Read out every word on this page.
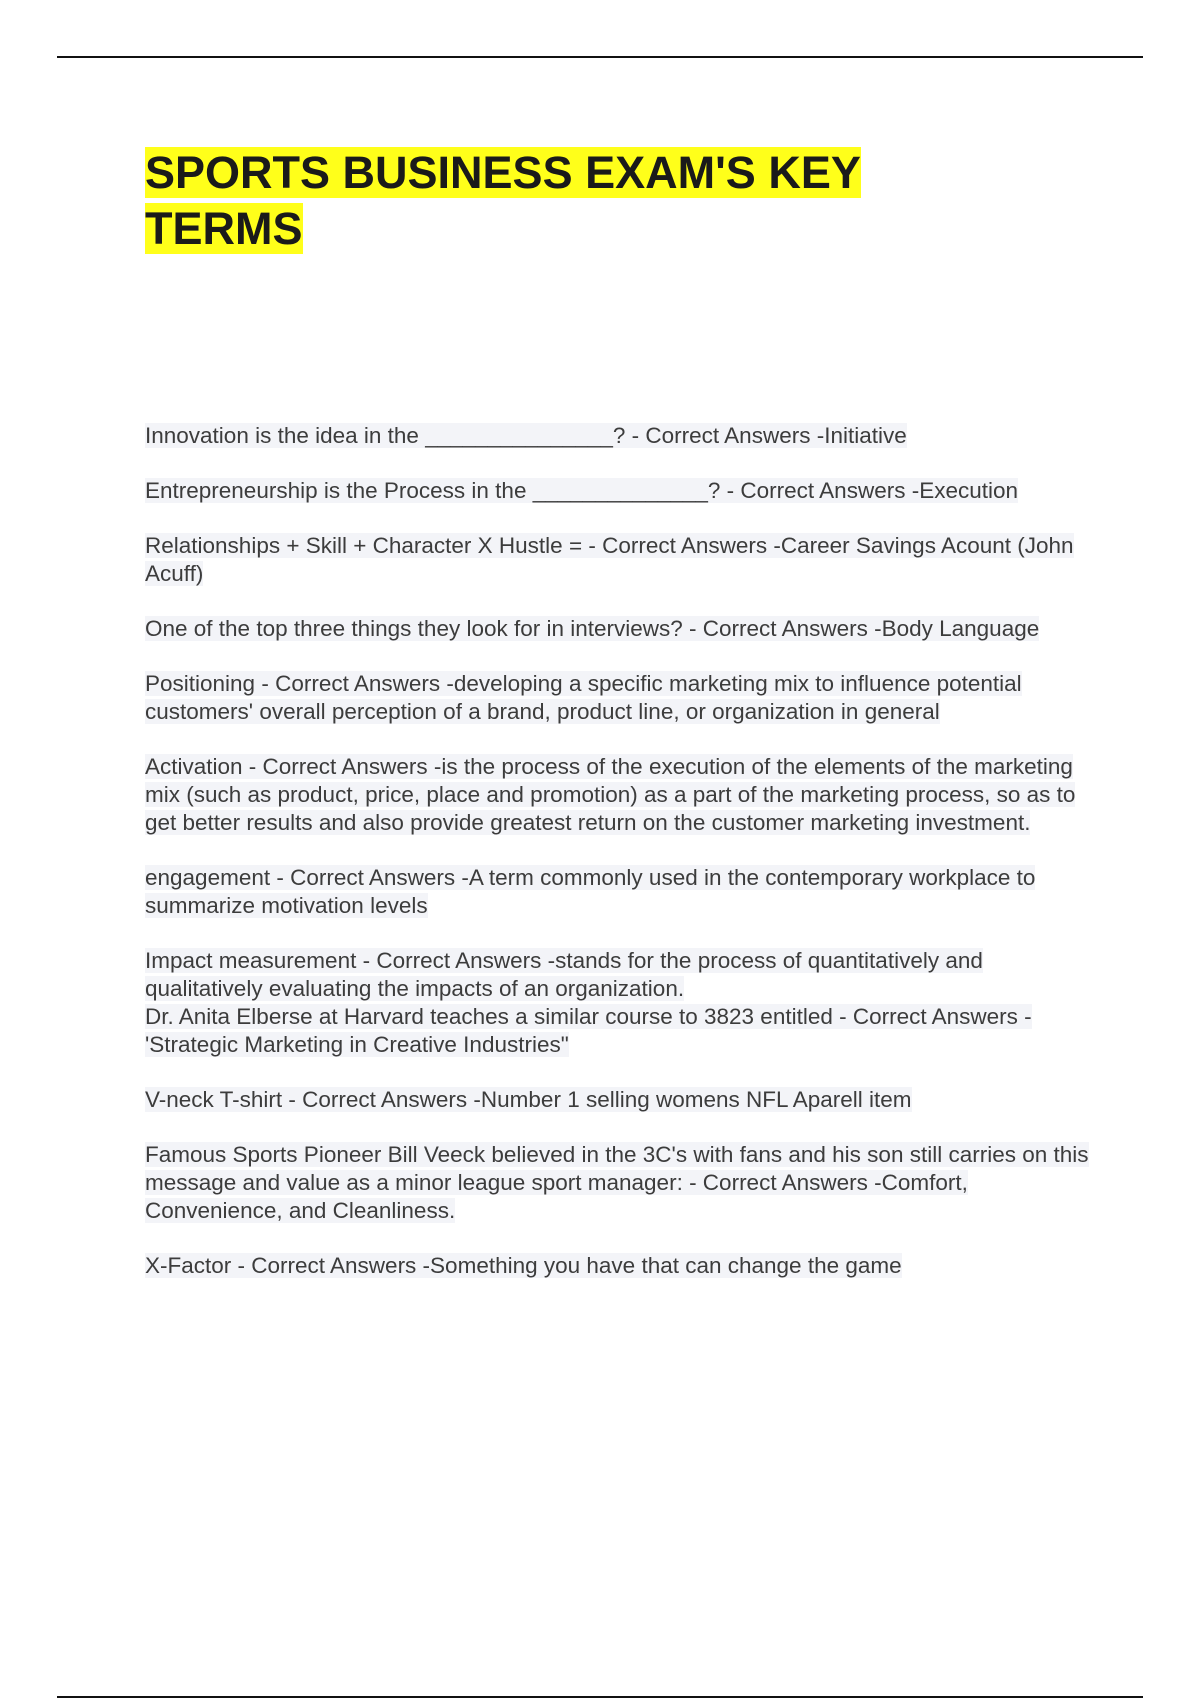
SPORTS BUSINESS EXAM'S KEY TERMS

Innovation is the idea in the _______________? - Correct Answers -Initiative

Entrepreneurship is the Process in the ______________? - Correct Answers -Execution

Relationships + Skill + Character X Hustle = - Correct Answers -Career Savings Acount (John Acuff)

One of the top three things they look for in interviews? - Correct Answers -Body Language

Positioning - Correct Answers -developing a specific marketing mix to influence potential customers' overall perception of a brand, product line, or organization in general

Activation - Correct Answers -is the process of the execution of the elements of the marketing mix (such as product, price, place and promotion) as a part of the marketing process, so as to get better results and also provide greatest return on the customer marketing investment.

engagement - Correct Answers -A term commonly used in the contemporary workplace to summarize motivation levels

Impact measurement - Correct Answers -stands for the process of quantitatively and qualitatively evaluating the impacts of an organization.

Dr. Anita Elberse at Harvard teaches a similar course to 3823 entitled - Correct Answers -'Strategic Marketing in Creative Industries"

V-neck T-shirt - Correct Answers -Number 1 selling womens NFL Aparell item

Famous Sports Pioneer Bill Veeck believed in the 3C's with fans and his son still carries on this message and value as a minor league sport manager: - Correct Answers -Comfort, Convenience, and Cleanliness.

X-Factor - Correct Answers -Something you have that can change the game
